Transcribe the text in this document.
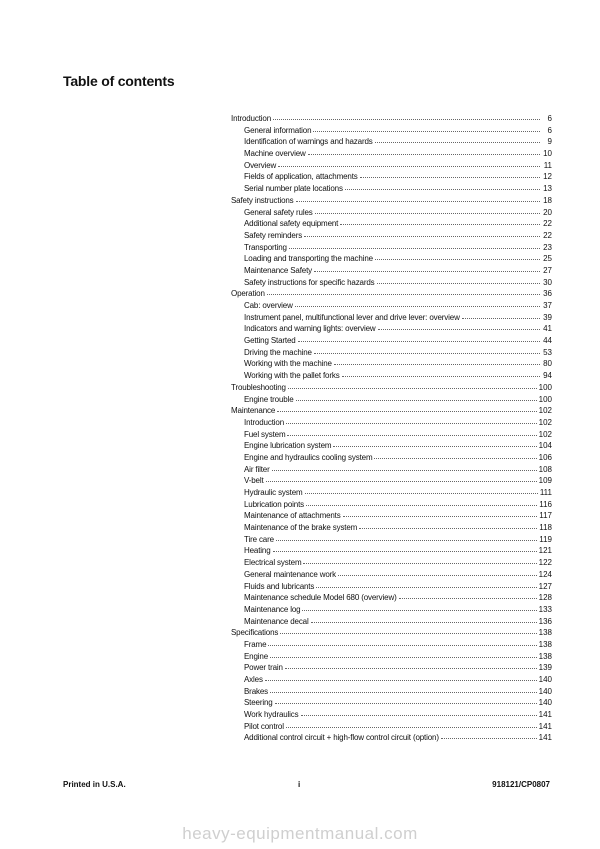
Table of contents
Introduction	6
General information	6
Identification of warnings and hazards	9
Machine overview	10
Overview	11
Fields of application, attachments	12
Serial number plate locations	13
Safety instructions	18
General safety rules	20
Additional safety equipment	22
Safety reminders	22
Transporting	23
Loading and transporting the machine	25
Maintenance Safety	27
Safety instructions for specific hazards	30
Operation	36
Cab: overview	37
Instrument panel, multifunctional lever and drive lever: overview	39
Indicators and warning lights: overview	41
Getting Started	44
Driving the machine	53
Working with the machine	80
Working with the pallet forks	94
Troubleshooting	100
Engine trouble	100
Maintenance	102
Introduction	102
Fuel system	102
Engine lubrication system	104
Engine and hydraulics cooling system	106
Air filter	108
V-belt	109
Hydraulic system	111
Lubrication points	116
Maintenance of attachments	117
Maintenance of the brake system	118
Tire care	119
Heating	121
Electrical system	122
General maintenance work	124
Fluids and lubricants	127
Maintenance schedule Model 680 (overview)	128
Maintenance log	133
Maintenance decal	136
Specifications	138
Frame	138
Engine	138
Power train	139
Axles	140
Brakes	140
Steering	140
Work hydraulics	141
Pilot control	141
Additional control circuit + high-flow control circuit (option)	141
Printed in U.S.A.	i	918121/CP0807
heavy-equipmentmanual.com
